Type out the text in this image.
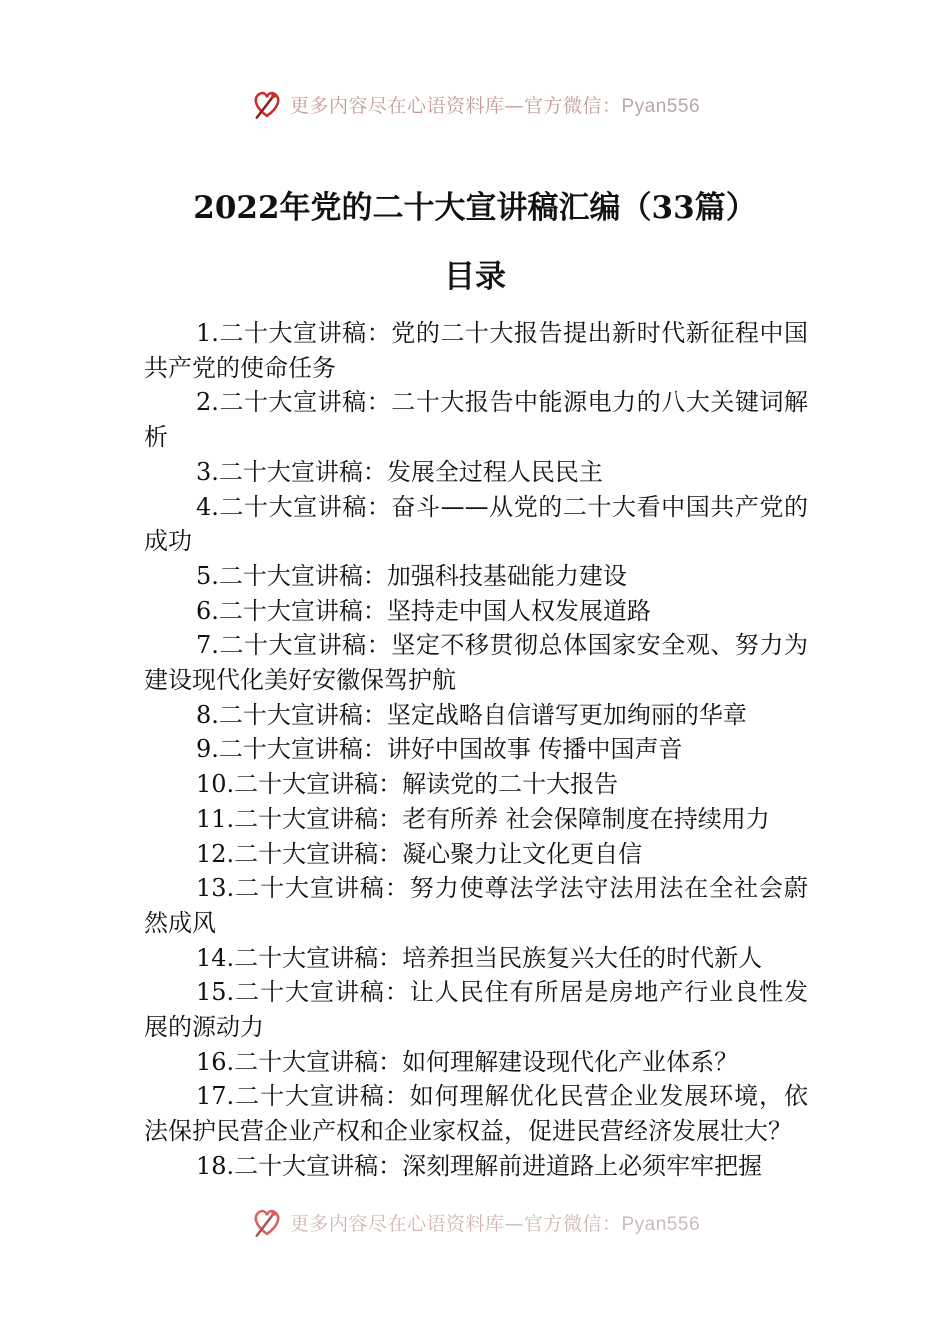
更多内容尽在心语资料库—官方微信：Pyan556
2022年党的二十大宣讲稿汇编（33篇）
目录

1.二十大宣讲稿：党的二十大报告提出新时代新征程中国共产党的使命任务

2.二十大宣讲稿：二十大报告中能源电力的八大关键词解析

3.二十大宣讲稿：发展全过程人民民主

4.二十大宣讲稿：奋斗——从党的二十大看中国共产党的成功

5.二十大宣讲稿：加强科技基础能力建设

6.二十大宣讲稿：坚持走中国人权发展道路

7.二十大宣讲稿：坚定不移贯彻总体国家安全观、努力为建设现代化美好安徽保驾护航

8.二十大宣讲稿：坚定战略自信谱写更加绚丽的华章

9.二十大宣讲稿：讲好中国故事 传播中国声音

10.二十大宣讲稿：解读党的二十大报告

11.二十大宣讲稿：老有所养 社会保障制度在持续用力

12.二十大宣讲稿：凝心聚力让文化更自信

13.二十大宣讲稿：努力使尊法学法守法用法在全社会蔚然成风

14.二十大宣讲稿：培养担当民族复兴大任的时代新人

15.二十大宣讲稿：让人民住有所居是房地产行业良性发展的源动力

16.二十大宣讲稿：如何理解建设现代化产业体系？

17.二十大宣讲稿：如何理解优化民营企业发展环境，依法保护民营企业产权和企业家权益，促进民营经济发展壮大？

18.二十大宣讲稿：深刻理解前进道路上必须牢牢把握

更多内容尽在心语资料库—官方微信：Pyan556
